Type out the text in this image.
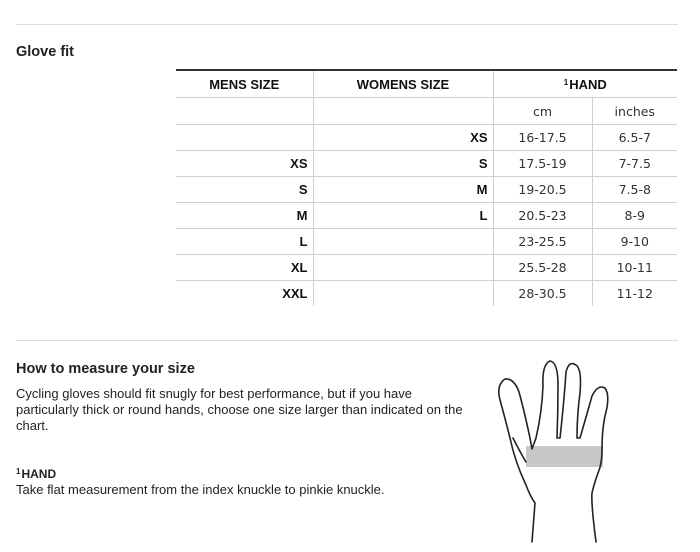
Glove fit
MENS SIZE	WOMENS SIZE	$^1$HAND	
		cm	inches
	XS	16-17.5	6.5-7
XS	S	17.5-19	7-7.5
S	M	19-20.5	7.5-8
M	L	20.5-23	8-9
L		23-25.5	9-10
XL		25.5-28	10-11
XXL		28-30.5	11-12
How to measure your size

Cycling gloves should fit snugly for best performance, but if you have particularly thick or round hands, choose one size larger than indicated on the chart.

$^1$HAND

Take flat measurement from the index knuckle to pinkie knuckle.
